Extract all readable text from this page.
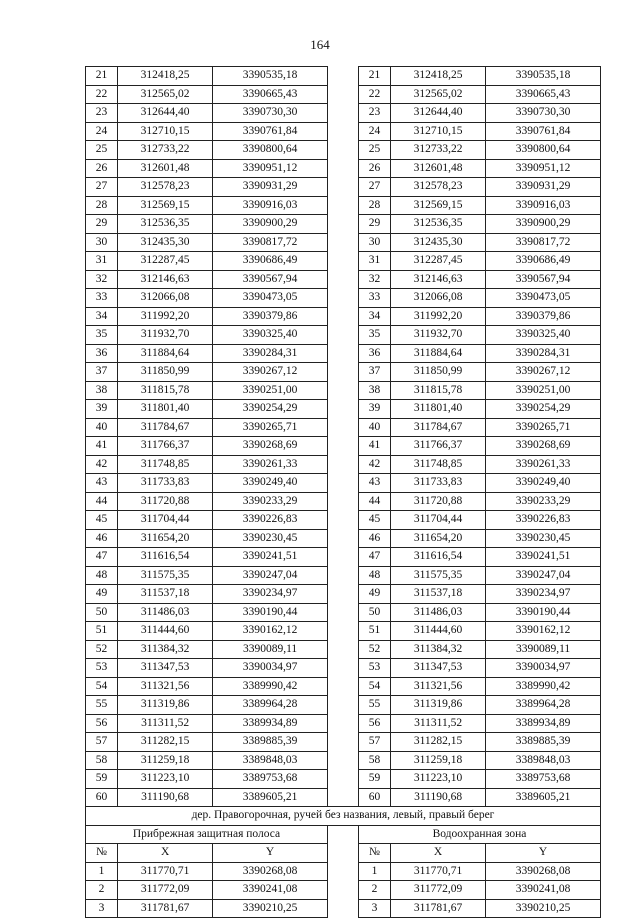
164
21	312418,25	3390535,18		21	312418,25	3390535,18
22	312565,02	3390665,43		22	312565,02	3390665,43
23	312644,40	3390730,30		23	312644,40	3390730,30
24	312710,15	3390761,84		24	312710,15	3390761,84
25	312733,22	3390800,64		25	312733,22	3390800,64
26	312601,48	3390951,12		26	312601,48	3390951,12
27	312578,23	3390931,29		27	312578,23	3390931,29
28	312569,15	3390916,03		28	312569,15	3390916,03
29	312536,35	3390900,29		29	312536,35	3390900,29
30	312435,30	3390817,72		30	312435,30	3390817,72
31	312287,45	3390686,49		31	312287,45	3390686,49
32	312146,63	3390567,94		32	312146,63	3390567,94
33	312066,08	3390473,05		33	312066,08	3390473,05
34	311992,20	3390379,86		34	311992,20	3390379,86
35	311932,70	3390325,40		35	311932,70	3390325,40
36	311884,64	3390284,31		36	311884,64	3390284,31
37	311850,99	3390267,12		37	311850,99	3390267,12
38	311815,78	3390251,00		38	311815,78	3390251,00
39	311801,40	3390254,29		39	311801,40	3390254,29
40	311784,67	3390265,71		40	311784,67	3390265,71
41	311766,37	3390268,69		41	311766,37	3390268,69
42	311748,85	3390261,33		42	311748,85	3390261,33
43	311733,83	3390249,40		43	311733,83	3390249,40
44	311720,88	3390233,29		44	311720,88	3390233,29
45	311704,44	3390226,83		45	311704,44	3390226,83
46	311654,20	3390230,45		46	311654,20	3390230,45
47	311616,54	3390241,51		47	311616,54	3390241,51
48	311575,35	3390247,04		48	311575,35	3390247,04
49	311537,18	3390234,97		49	311537,18	3390234,97
50	311486,03	3390190,44		50	311486,03	3390190,44
51	311444,60	3390162,12		51	311444,60	3390162,12
52	311384,32	3390089,11		52	311384,32	3390089,11
53	311347,53	3390034,97		53	311347,53	3390034,97
54	311321,56	3389990,42		54	311321,56	3389990,42
55	311319,86	3389964,28		55	311319,86	3389964,28
56	311311,52	3389934,89		56	311311,52	3389934,89
57	311282,15	3389885,39		57	311282,15	3389885,39
58	311259,18	3389848,03		58	311259,18	3389848,03
59	311223,10	3389753,68		59	311223,10	3389753,68
60	311190,68	3389605,21		60	311190,68	3389605,21
дер. Правогорочная, ручей без названия, левый, правый берег						
Прибрежная защитная полоса				Водоохранная зона		
№	X	Y		№	X	Y
1	311770,71	3390268,08		1	311770,71	3390268,08
2	311772,09	3390241,08		2	311772,09	3390241,08
3	311781,67	3390210,25		3	311781,67	3390210,25
